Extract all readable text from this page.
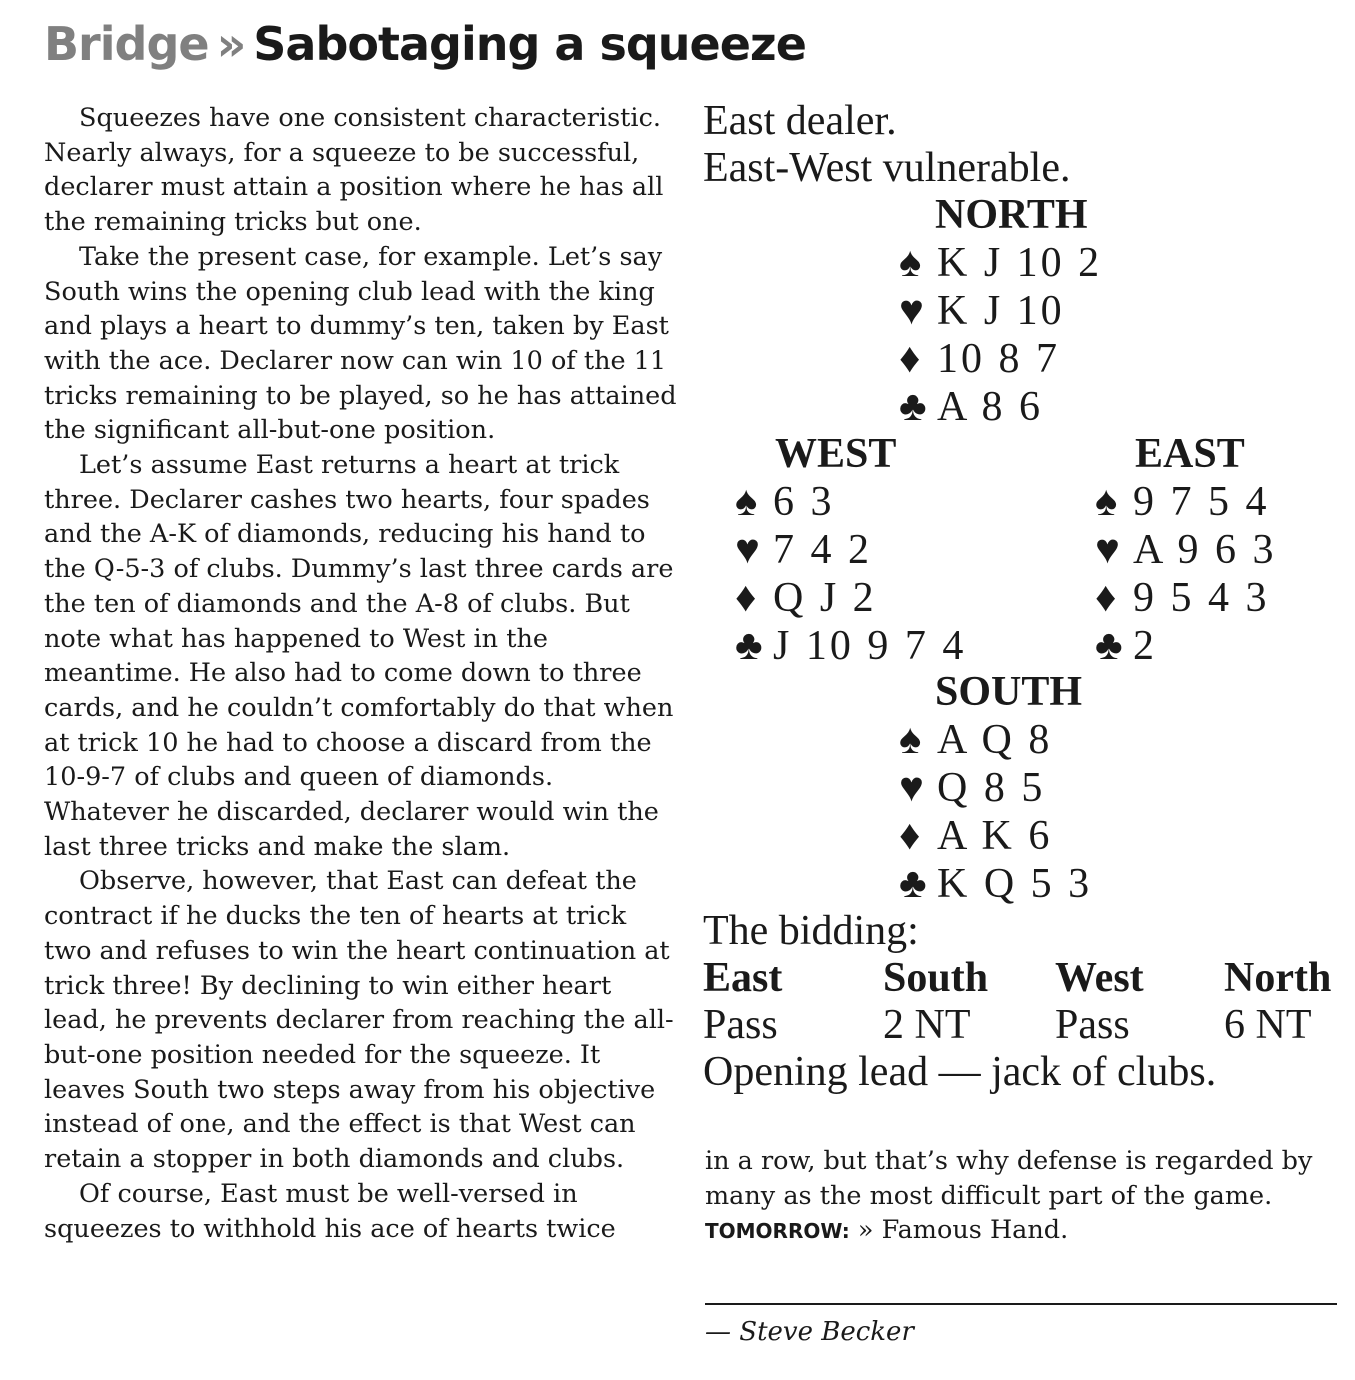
Bridge » Sabotaging a squeeze

Squeezes have one consistent characteristic. Nearly always, for a squeeze to be successful, declarer must attain a position where he has all the remaining tricks but one.

Take the present case, for example. Let’s say South wins the opening club lead with the king and plays a heart to dummy’s ten, taken by East with the ace. Declarer now can win 10 of the 11 tricks remaining to be played, so he has attained the significant all-but-one position.

Let’s assume East returns a heart at trick three. Declarer cashes two hearts, four spades and the A-K of diamonds, reducing his hand to the Q-5-3 of clubs. Dummy’s last three cards are the ten of diamonds and the A-8 of clubs. But note what has happened to West in the meantime. He also had to come down to three cards, and he couldn’t comfortably do that when at trick 10 he had to choose a discard from the 10-9-7 of clubs and queen of diamonds. Whatever he discarded, declarer would win the last three tricks and make the slam.

Observe, however, that East can defeat the contract if he ducks the ten of hearts at trick two and refuses to win the heart continuation at trick three! By declining to win either heart lead, he prevents declarer from reaching the all-but-one position needed for the squeeze. It leaves South two steps away from his objective instead of one, and the effect is that West can retain a stopper in both diamonds and clubs.

Of course, East must be well-versed in squeezes to withhold his ace of hearts twice

East dealer.
East-West vulnerable.
NORTH
♠ K J 10 2
♥ K J 10
♦ 10 8 7
♣ A 8 6
WEST
♠ 6 3
♥ 7 4 2
♦ Q J 2
♣ J 10 9 7 4
EAST
♠ 9 7 5 4
♥ A 9 6 3
♦ 9 5 4 3
♣ 2
SOUTH
♠ A Q 8
♥ Q 8 5
♦ A K 6
♣ K Q 5 3
The bidding:
East South West North
Pass	2 NT Pass 6 NT
Opening lead — jack of clubs.

in a row, but that’s why defense is regarded by many as the most difficult part of the game.

TOMORROW: » Famous Hand.

— Steve Becker
